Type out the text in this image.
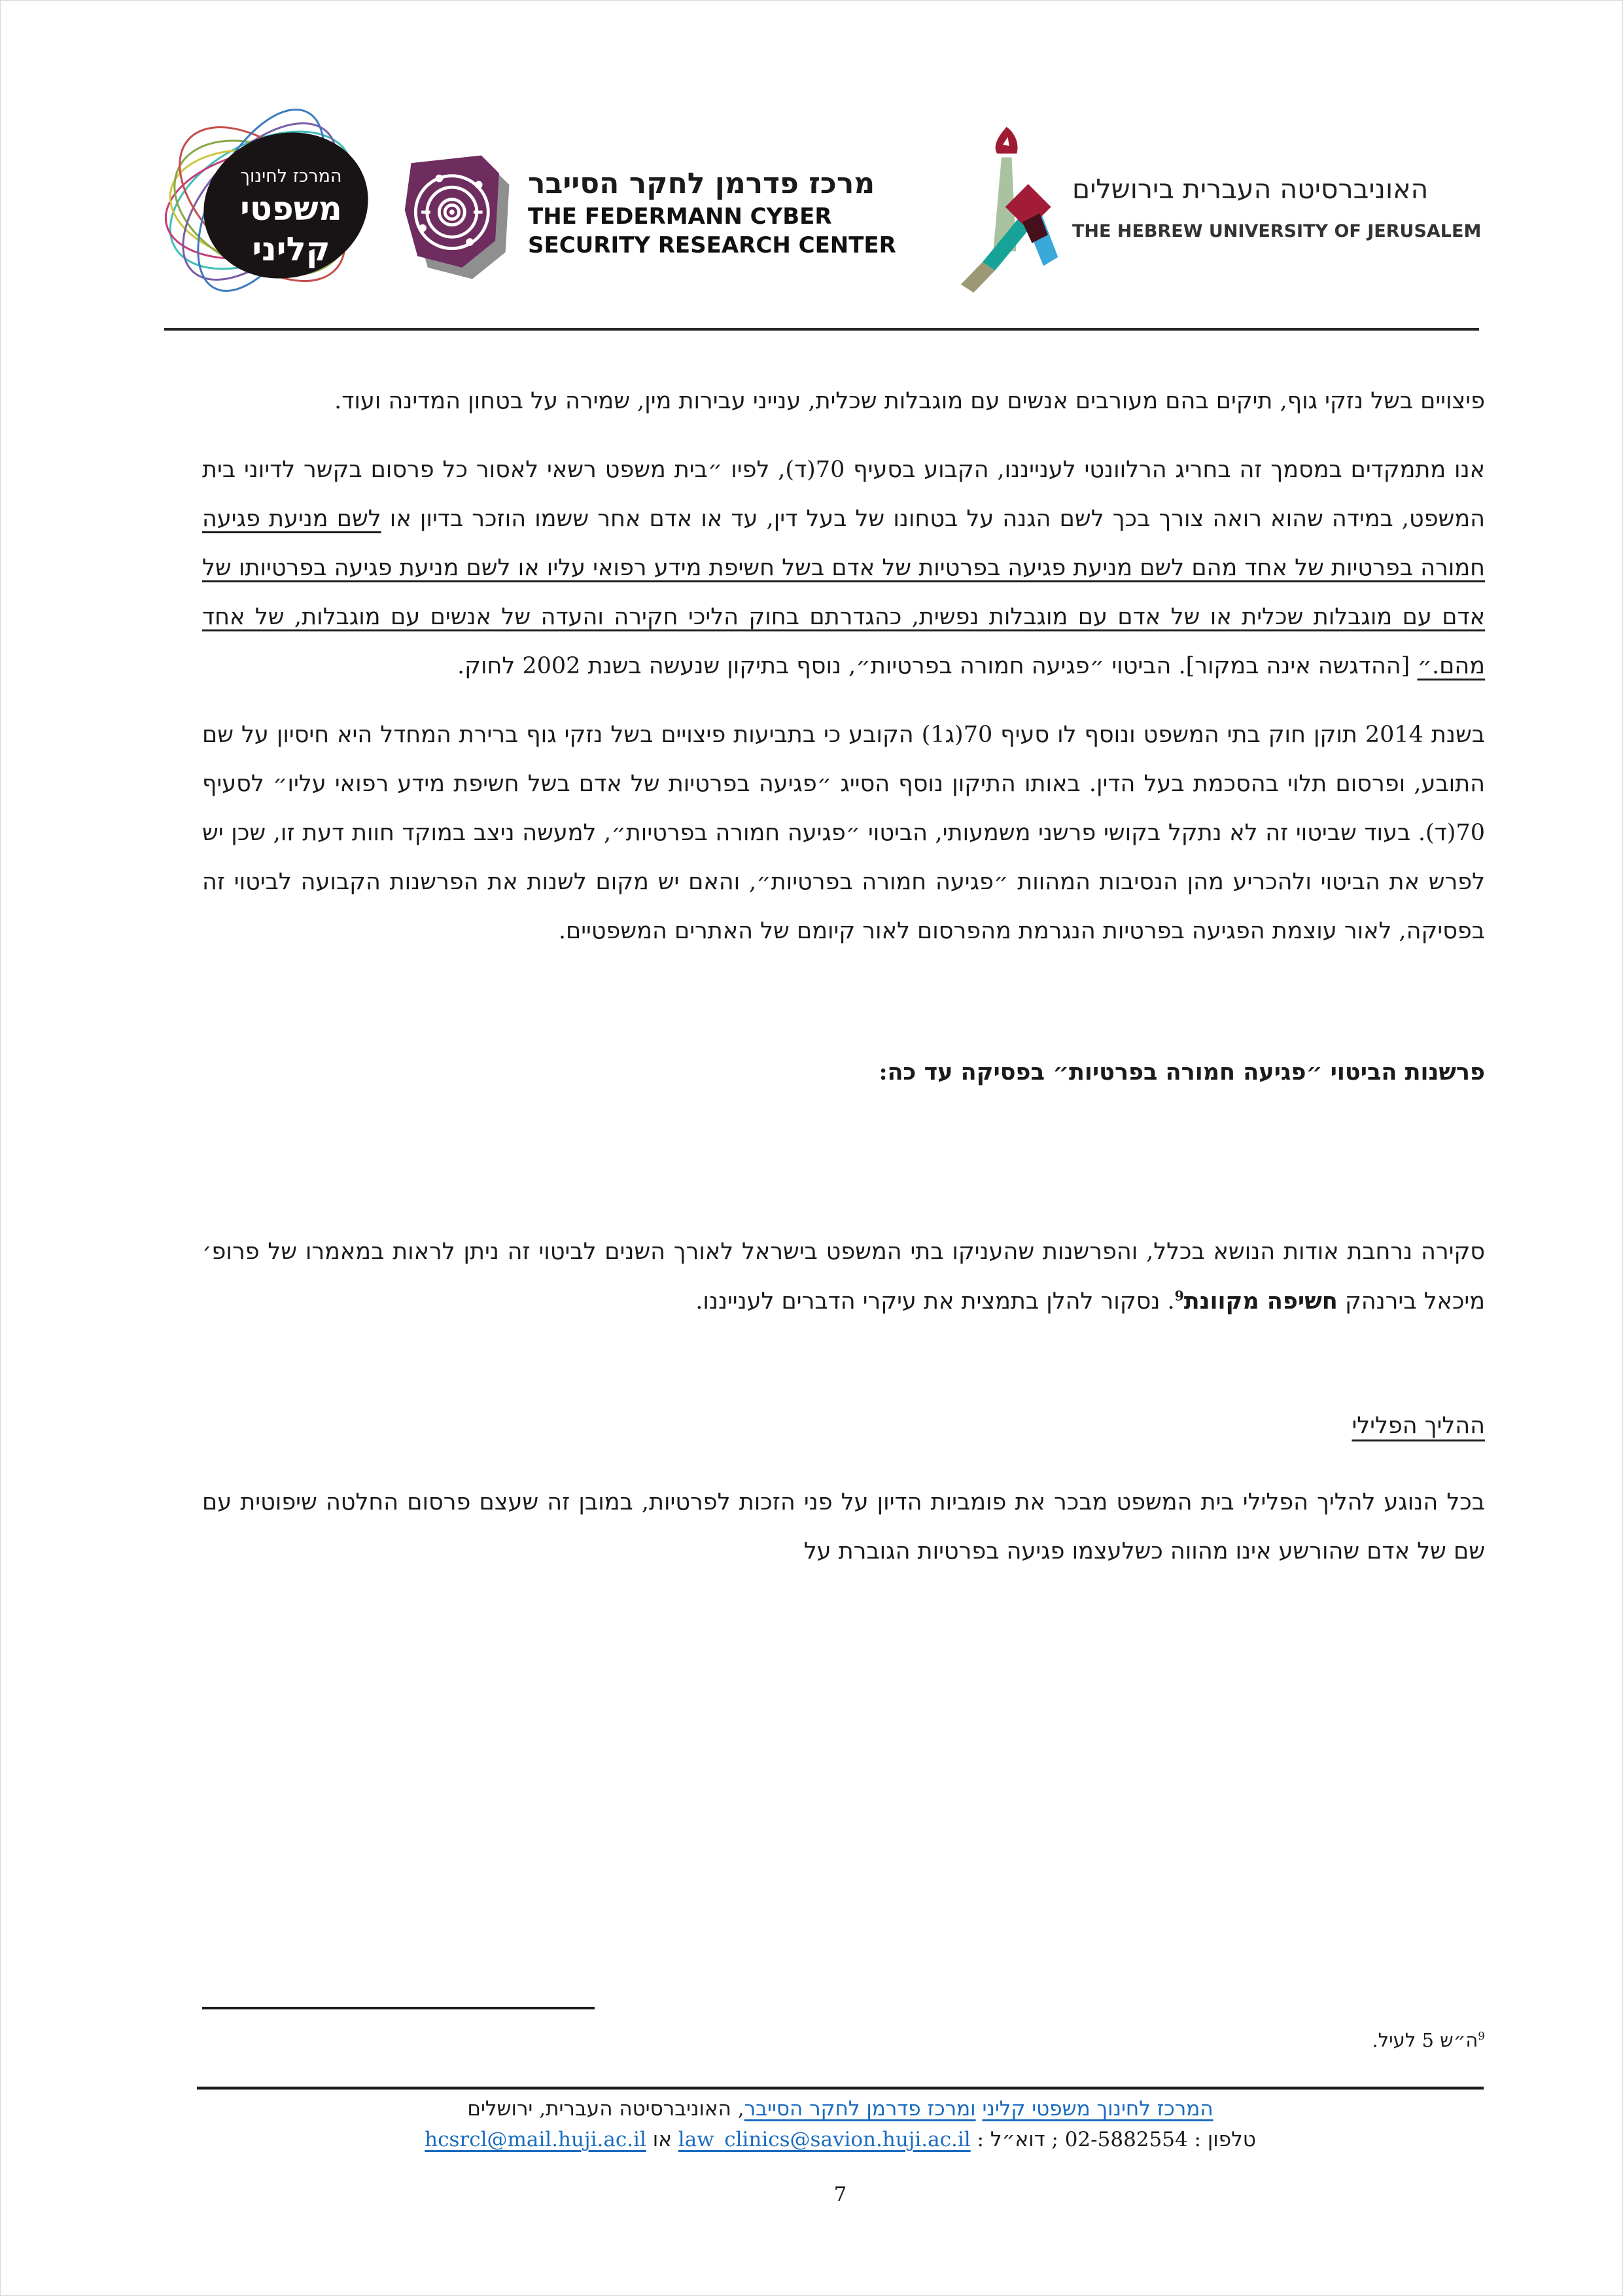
המרכז לחינוך
משפטי
קליני
מרכז פדרמן לחקר הסייבר
THE FEDERMANN CYBER
SECURITY RESEARCH CENTER
האוניברסיטה העברית בירושלים
THE HEBREW UNIVERSITY OF JERUSALEM

פיצויים בשל נזקי גוף, תיקים בהם מעורבים אנשים עם מוגבלות שכלית, ענייני עבירות מין, שמירה על בטחון המדינה ועוד.

אנו מתמקדים במסמך זה בחריג הרלוונטי לענייננו, הקבוע בסעיף 70(ד), לפיו ״בית משפט רשאי לאסור כל פרסום בקשר לדיוני בית המשפט, במידה שהוא רואה צורך בכך לשם הגנה על בטחונו של בעל דין, עד או אדם אחר ששמו הוזכר בדיון או לשם מניעת פגיעה חמורה בפרטיות של אחד מהם לשם מניעת פגיעה בפרטיות של אדם בשל חשיפת מידע רפואי עליו או לשם מניעת פגיעה בפרטיותו של אדם עם מוגבלות שכלית או של אדם עם מוגבלות נפשית, כהגדרתם בחוק הליכי חקירה והעדה של אנשים עם מוגבלות, של אחד מהם.״ [ההדגשה אינה במקור]. הביטוי ״פגיעה חמורה בפרטיות״, נוסף בתיקון שנעשה בשנת 2002 לחוק.

בשנת 2014 תוקן חוק בתי המשפט ונוסף לו סעיף 70(ג1) הקובע כי בתביעות פיצויים בשל נזקי גוף ברירת המחדל היא חיסיון על שם התובע, ופרסום תלוי בהסכמת בעל הדין. באותו התיקון נוסף הסייג ״פגיעה בפרטיות של אדם בשל חשיפת מידע רפואי עליו״ לסעיף 70(ד). בעוד שביטוי זה לא נתקל בקושי פרשני משמעותי, הביטוי ״פגיעה חמורה בפרטיות״, למעשה ניצב במוקד חוות דעת זו, שכן יש לפרש את הביטוי ולהכריע מהן הנסיבות המהוות ״פגיעה חמורה בפרטיות״, והאם יש מקום לשנות את הפרשנות הקבועה לביטוי זה בפסיקה, לאור עוצמת הפגיעה בפרטיות הנגרמת מהפרסום לאור קיומם של האתרים המשפטיים.

פרשנות הביטוי ״פגיעה חמורה בפרטיות״ בפסיקה עד כה:

סקירה נרחבת אודות הנושא בכלל, והפרשנות שהעניקו בתי המשפט בישראל לאורך השנים לביטוי זה ניתן לראות במאמרו של פרופ׳ מיכאל בירנהק חשיפה מקוונת$^9$. נסקור להלן בתמצית את עיקרי הדברים לענייננו.

ההליך הפלילי

בכל הנוגע להליך הפלילי בית המשפט מבכר את פומביות הדיון על פני הזכות לפרטיות, במובן זה שעצם פרסום החלטה שיפוטית עם שם של אדם שהורשע אינו מהווה כשלעצמו פגיעה בפרטיות הגוברת על

$^9$ה״ש 5 לעיל.
המרכז לחינוך משפטי קליני ומרכז פדרמן לחקר הסייבר, האוניברסיטה העברית, ירושלים
טלפון : 02-5882554 ; דוא״ל : law_clinics@savion.huji.ac.il או hcsrcl@mail.huji.ac.il
7
